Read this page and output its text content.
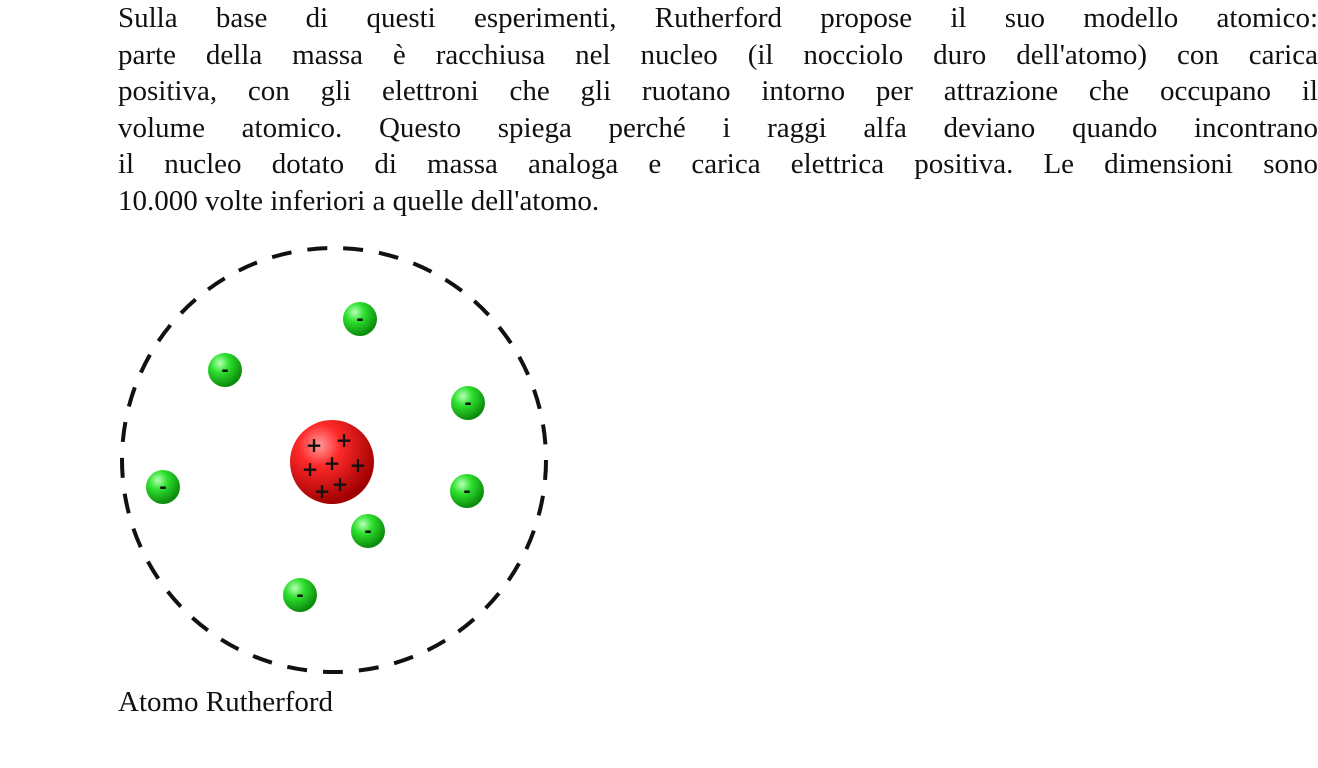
Sulla base di questi esperimenti, Rutherford propose il suo modello atomico:
parte della massa è racchiusa nel nucleo (il nocciolo duro dell'atomo) con carica
positiva, con gli elettroni che gli ruotano intorno per attrazione che occupano il
volume atomico. Questo spiega perché i raggi alfa deviano quando incontrano
il nucleo dotato di massa analoga e carica elettrica positiva. Le dimensioni sono
10.000 volte inferiori a quelle dell'atomo.
+ +
+ + +
+
+
-
-
-
-	-
-
-
Atomo Rutherford
